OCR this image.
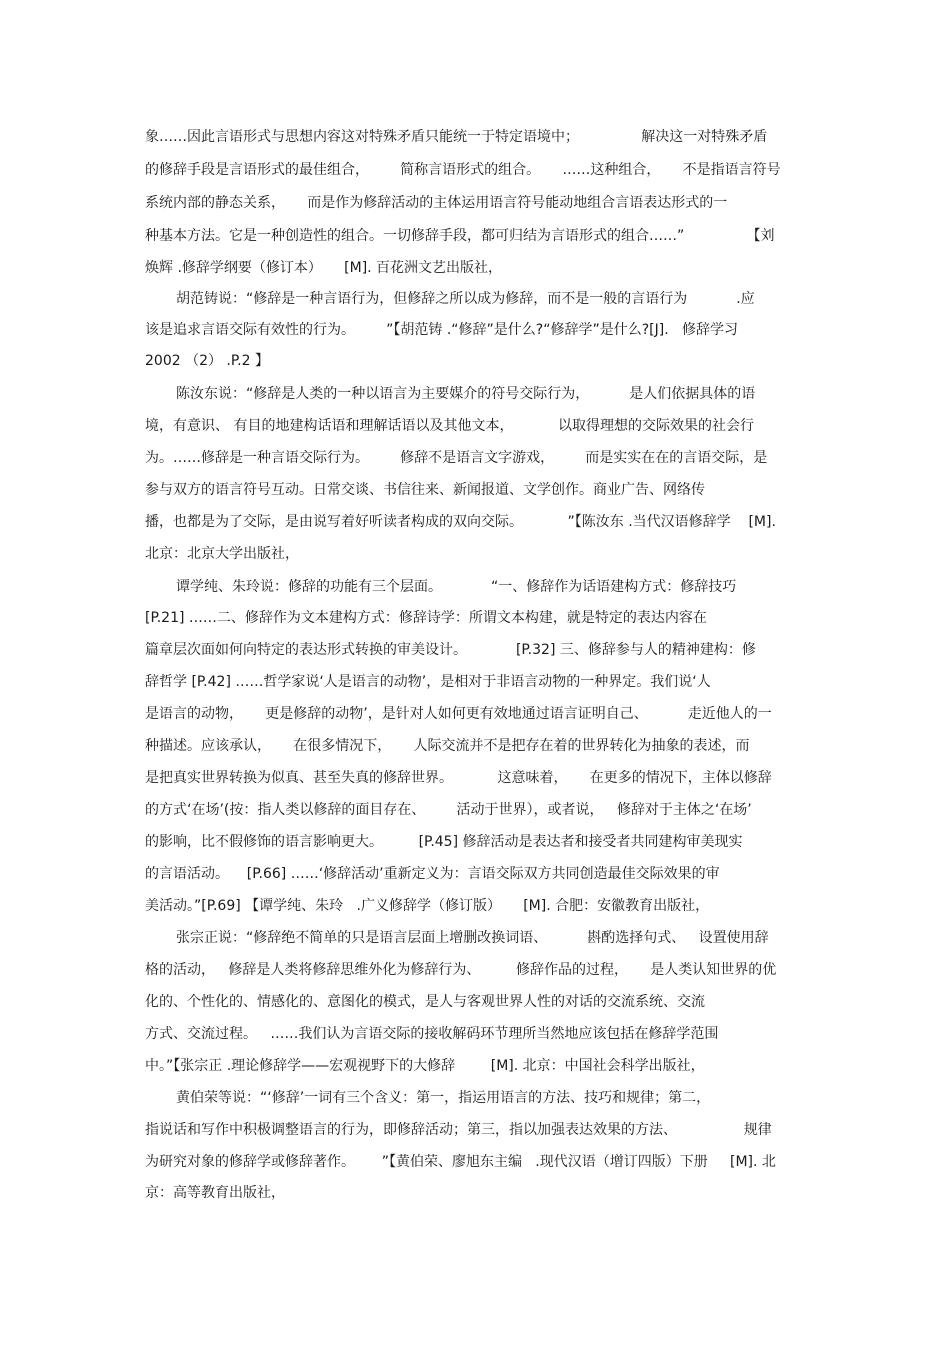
象……因此言语形式与思想内容这对特殊矛盾只能统一于特定语境中；              解决这一对特殊矛盾
的修辞手段是言语形式的最佳组合，       简称言语形式的组合。     ……这种组合，     不是指语言符号
系统内部的静态关系，     而是作为修辞活动的主体运用语言符号能动地组合言语表达形式的一
种基本方法。它是一种创造性的组合。一切修辞手段，都可归结为言语形式的组合……”              【刘
焕辉 .修辞学纲要（修订本）     [M]. 百花洲文艺出版社，
胡范铸说：“修辞是一种言语行为，但修辞之所以成为修辞，而不是一般的言语行为           .应
该是追求言语交际有效性的行为。       ”【胡范铸 .“修辞”是什么?“修辞学”是什么?[J].   修辞学习
2002 （2） .P.2 】
陈汝东说：“修辞是人类的一种以语言为主要媒介的符号交际行为，         是人们依据具体的语
境，有意识、 有目的地建构话语和理解话语以及其他文本，          以取得理想的交际效果的社会行
为。……修辞是一种言语交际行为。       修辞不是语言文字游戏，       而是实实在在的言语交际，是
参与双方的语言符号互动。日常交谈、书信往来、新闻报道、文学创作。商业广告、网络传
播，也都是为了交际，是由说写着好听读者构成的双向交际。          ”【陈汝东 .当代汉语修辞学    [M].
北京：北京大学出版社，
谭学纯、朱玲说：修辞的功能有三个层面。           “一、修辞作为话语建构方式：修辞技巧
[P.21] ……二、修辞作为文本建构方式：修辞诗学：所谓文本构建，就是特定的表达内容在
篇章层次面如何向特定的表达形式转换的审美设计。           [P.32] 三、修辞参与人的精神建构：修
辞哲学 [P.42] ……哲学家说‘人是语言的动物’，是相对于非语言动物的一种界定。我们说‘人
是语言的动物，     更是修辞的动物’，是针对人如何更有效地通过语言证明自己、         走近他人的一
种描述。应该承认，     在很多情况下，     人际交流并不是把存在着的世界转化为抽象的表述，而
是把真实世界转换为似真、甚至失真的修辞世界。          这意味着，     在更多的情况下，主体以修辞
的方式‘在场’(按：指人类以修辞的面目存在、       活动于世界），或者说，   修辞对于主体之‘在场’
的影响，比不假修饰的语言影响更大。        [P.45] 修辞活动是表达者和接受者共同建构审美现实
的言语活动。    [P.66] ……‘修辞活动’重新定义为：言语交际双方共同创造最佳交际效果的审
美活动。”[P.69] 【谭学纯、朱玲   .广义修辞学（修订版）     [M]. 合肥：安徽教育出版社，
张宗正说：“修辞绝不简单的只是语言层面上增删改换词语、         斟酌选择句式、   设置使用辞
格的活动，   修辞是人类将修辞思维外化为修辞行为、        修辞作品的过程，     是人类认知世界的优
化的、个性化的、情感化的、意图化的模式，是人与客观世界人性的对话的交流系统、交流
方式、交流过程。   ……我们认为言语交际的接收解码环节理所当然地应该包括在修辞学范围
中。”【张宗正 .理论修辞学——宏观视野下的大修辞        [M]. 北京：中国社会科学出版社，
黄伯荣等说：“‘修辞’一词有三个含义：第一，指运用语言的方法、技巧和规律；第二，
指说话和写作中积极调整语言的行为，即修辞活动；第三，指以加强表达效果的方法、               规律
为研究对象的修辞学或修辞著作。      ”【黄伯荣、廖旭东主编   .现代汉语（增订四版）下册     [M]. 北
京：高等教育出版社，
